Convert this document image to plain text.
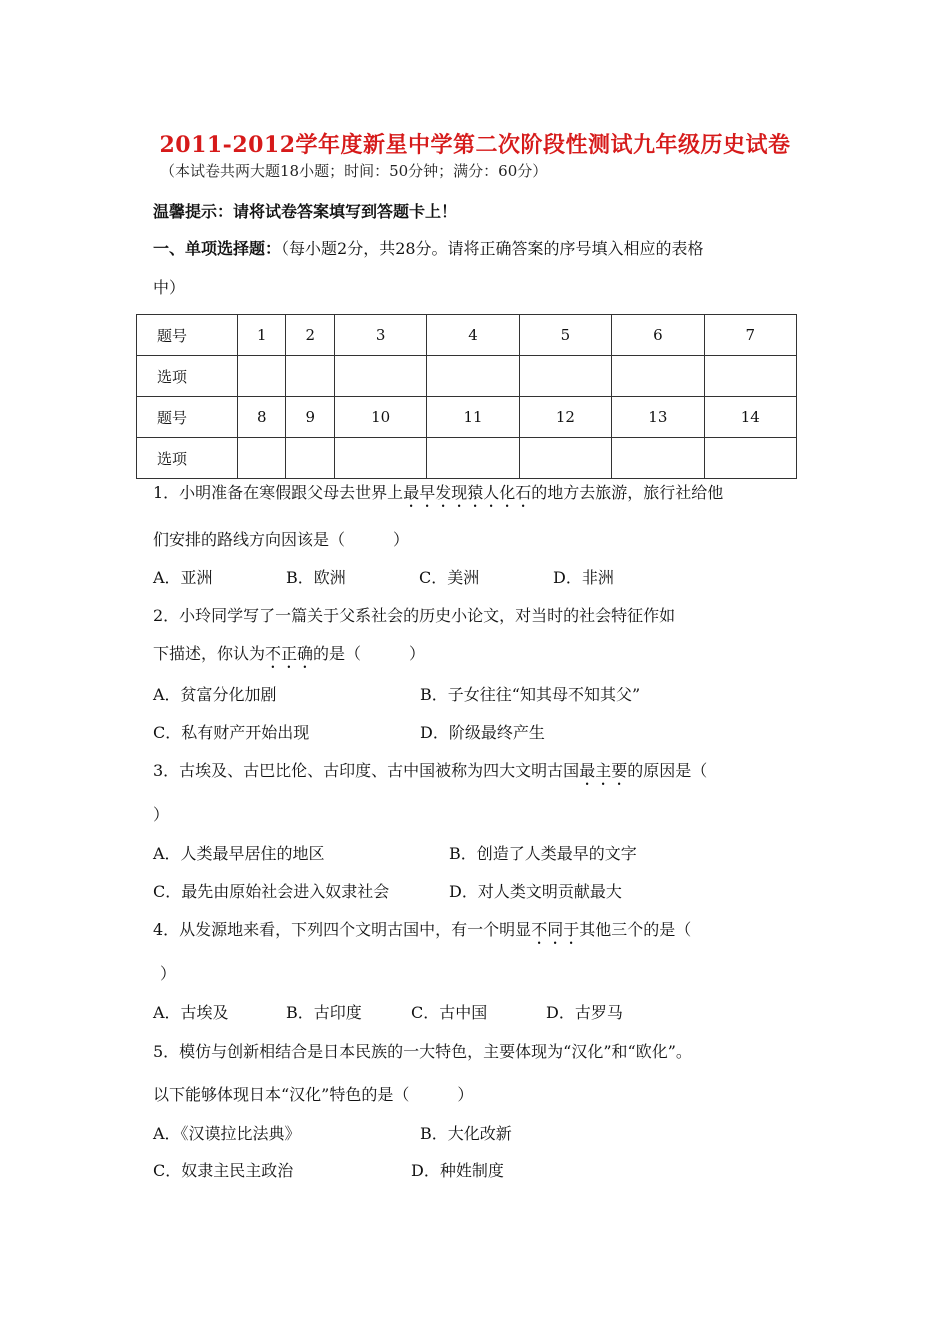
2011-2012学年度新星中学第二次阶段性测试九年级历史试卷
（本试卷共两大题18小题；时间：50分钟；满分：60分）
温馨提示：请将试卷答案填写到答题卡上！
一、单项选择题：（每小题2分，共28分。请将正确答案的序号填入相应的表格
中）
题号	1	2	3	4	5	6	7
选项							
题号	8	9	10	11	12	13	14
选项							
1．小明准备在寒假跟父母去世界上最早发现猿人化石的地方去旅游，旅行社给他
们安排的路线方向因该是（　　　）
A．亚洲	B．欧洲	C．美洲	D．非洲
2．小玲同学写了一篇关于父系社会的历史小论文，对当时的社会特征作如
下描述，你认为不正确的是（　　　）
A．贫富分化加剧	B．子女往往“知其母不知其父”
C．私有财产开始出现	D．阶级最终产生
3．古埃及、古巴比伦、古印度、古中国被称为四大文明古国最主要的原因是（
）
A．人类最早居住的地区	B．创造了人类最早的文字
C．最先由原始社会进入奴隶社会	D．对人类文明贡献最大
4．从发源地来看，下列四个文明古国中，有一个明显不同于其他三个的是（
）
A．古埃及	B．古印度	C．古中国	D．古罗马
5．模仿与创新相结合是日本民族的一大特色，主要体现为“汉化”和“欧化”。
以下能够体现日本“汉化”特色的是（　　　）
A．《汉谟拉比法典》	B．大化改新
C．奴隶主民主政治	D．种姓制度
